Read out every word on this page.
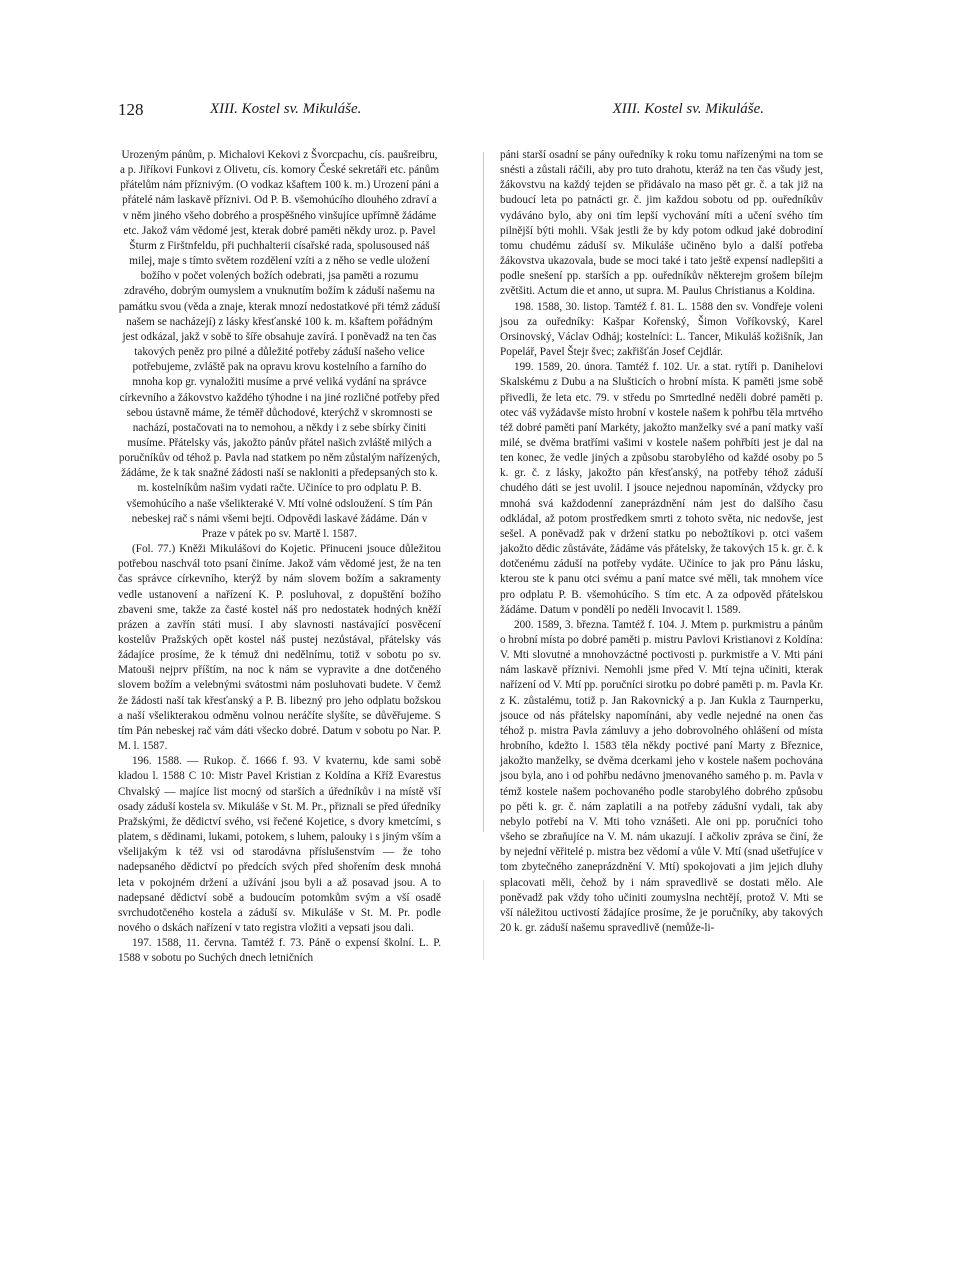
128	XIII. Kostel sv. Mikuláše.	XIII. Kostel sv. Mikuláše.

Urozeným pánům, p. Michalovi Kekovi z Švorcpachu, cís. paušreibru, a p. Jiříkovi Funkovi z Olivetu, cís. komory České sekretáři etc. pánům přátelům nám příznivým. (O vodkaz kšaftem 100 k. m.) Urození páni a přátelé nám laskavě příznivi. Od P. B. všemohúcího dlouhého zdraví a v něm jiného všeho dobrého a prospěšného vinšujíce upřímně žádáme etc. Jakož vám vědomé jest, kterak dobré paměti někdy uroz. p. Pavel Šturm z Firštnfeldu, při puchhalterii císařské rada, spolusoused náš milej, maje s tímto světem rozdělení vzíti a z něho se vedle uložení božího v počet volených božích odebrati, jsa paměti a rozumu zdravého, dobrým oumyslem a vnuknutím božím k záduší našemu na památku svou (věda a znaje, kterak mnozí nedostatkové při témž záduší našem se nacházejí) z lásky křesťanské 100 k. m. kšaftem pořádným jest odkázal, jakž v sobě to šíře obsahuje zavírá. I poněvadž na ten čas takových peněz pro pilné a důležité potřeby záduší našeho velice potřebujeme, zvláště pak na opravu krovu kostelního a farního do mnoha kop gr. vynaložiti musíme a prvé veliká vydání na správce církevního a žákovstvo každého týhodne i na jiné rozličné potřeby před sebou ústavně máme, že téměř důchodové, kterýchž v skromnosti se nachází, postačovati na to nemohou, a někdy i z sebe sbírky činiti musíme. Přátelsky vás, jakožto pánův přátel našich zvláště milých a poručníkův od téhož p. Pavla nad statkem po něm zůstalým nařízených, žádáme, že k tak snažné žádosti naší se nakloniti a předepsaných sto k. m. kostelníkům našim vydati račte. Učiníce to pro odplatu P. B. všemohúcího a naše všelikteraké V. Mtí volné odsloužení. S tím Pán nebeskej rač s námi všemi bejti. Odpovědi laskavé žádáme. Dán v Praze v pátek po sv. Martě l. 1587.

(Fol. 77.) Kněži Mikulášovi do Kojetic. Přinuceni jsouce důležitou potřebou naschvál toto psaní činíme. Jakož vám vědomé jest, že na ten čas správce církevního, kterýž by nám slovem božím a sakramenty vedle ustanovení a nařízení K. P. posluhoval, z dopuštění božího zbaveni sme, takže za časté kostel náš pro nedostatek hodných kněží prázen a zavřín státi musí. I aby slavnosti nastávající posvěcení kostelův Pražských opět kostel náš pustej nezůstával, přátelsky vás žádajíce prosíme, že k témuž dni nedělnímu, totiž v sobotu po sv. Matouši nejprv příštím, na noc k nám se vypravite a dne dotčeného slovem božím a velebnými svátostmi nám posluhovati budete. V čemž že žádosti naší tak křesťanský a P. B. libezný pro jeho odplatu božskou a naší všelikterakou odměnu volnou neráčíte slyšíte, se důvěřujeme. S tím Pán nebeskej rač vám dáti všecko dobré. Datum v sobotu po Nar. P. M. l. 1587.

196. 1588. — Rukop. č. 1666 f. 93. V kvaternu, kde sami sobě kladou l. 1588 C 10: Mistr Pavel Kristian z Koldína a Kříž Evarestus Chvalský — majíce list mocný od starších a úředníkův i na místě vší osady záduší kostela sv. Mikuláše v St. M. Pr., přiznali se před úředníky Pražskými, že dědictví svého, vsi řečené Kojetice, s dvory kmetcími, s platem, s dědinami, lukami, potokem, s luhem, palouky i s jiným vším a všelijakým k též vsi od starodávna příslušenstvím — že toho nadepsaného dědictví po předcích svých před shořením desk mnohá leta v pokojném držení a užívání jsou byli a až posavad jsou. A to nadepsané dědictví sobě a budoucím potomkům svým a vší osadě svrchudotčeného kostela a záduší sv. Mikuláše v St. M. Pr. podle nového o dskách nařízení v tato registra vložiti a vepsati jsou dali.

197. 1588, 11. června. Tamtéž f. 73. Páně o expensí školní. L. P. 1588 v sobotu po Suchých dnech letničních

páni starší osadní se pány ouředníky k roku tomu nařízenými na tom se snésti a zůstali ráčili, aby pro tuto drahotu, kteráž na ten čas všudy jest, žákovstvu na každý tejden se přidávalo na maso pět gr. č. a tak již na budoucí leta po patnácti gr. č. jim každou sobotu od pp. ouředníkův vydáváno bylo, aby oni tím lepší vychování míti a učení svého tím pilnější býti mohli. Však jestli že by kdy potom odkud jaké dobrodiní tomu chudému záduší sv. Mikuláše učiněno bylo a další potřeba žákovstva ukazovala, bude se moci také i tato ještě expensí nadlepšiti a podle snešení pp. starších a pp. ouředníkův některejm grošem bílejm zvětšiti. Actum die et anno, ut supra. M. Paulus Christianus a Koldina.

198. 1588, 30. listop. Tamtéž f. 81. L. 1588 den sv. Vondřeje voleni jsou za ouředníky: Kašpar Kořenský, Šimon Voříkovský, Karel Orsinovský, Václav Odháj; kostelníci: L. Tancer, Mikuláš kožišník, Jan Popelář, Pavel Štejr švec; zakřišťán Josef Cejdlár.

199. 1589, 20. února. Tamtéž f. 102. Ur. a stat. rytíři p. Danihelovi Skalskému z Dubu a na Slušticích o hrobní místa. K paměti jsme sobě přivedli, že leta etc. 79. v středu po Smrtedlné neděli dobré paměti p. otec váš vyžádavše místo hrobní v kostele našem k pohřbu těla mrtvého též dobré paměti paní Markéty, jakožto manželky své a paní matky vaší milé, se dvěma bratřími vašimi v kostele našem pohřbíti jest je dal na ten konec, že vedle jiných a způsobu starobylého od každé osoby po 5 k. gr. č. z lásky, jakožto pán křesťanský, na potřeby téhož záduší chudého dáti se jest uvolil. I jsouce nejednou napomínán, vždycky pro mnohá svá každodenní zaneprázdnění nám jest do dalšího času odkládal, až potom prostředkem smrti z tohoto světa, nic nedovše, jest sešel. A poněvadž pak v držení statku po nebožtíkovi p. otci vašem jakožto dědic zůstáváte, žádáme vás přátelsky, že takových 15 k. gr. č. k dotčenému záduší na potřeby vydáte. Učiníce to jak pro Pánu lásku, kterou ste k panu otci svému a paní matce své měli, tak mnohem více pro odplatu P. B. všemohúcího. S tím etc. A za odpověd přátelskou žádáme. Datum v pondělí po neděli Invocavit l. 1589.

200. 1589, 3. března. Tamtéž f. 104. J. Mtem p. purkmistru a pánům o hrobní místa po dobré paměti p. mistru Pavlovi Kristianovi z Koldína: V. Mti slovutné a mnohovzáctné poctivosti p. purkmistře a V. Mti páni nám laskavě příznivi. Nemohli jsme před V. Mtí tejna učiniti, kterak nařízení od V. Mtí pp. poručníci sirotku po dobré paměti p. m. Pavla Kr. z K. zůstalému, totiž p. Jan Rakovnický a p. Jan Kukla z Taurnperku, jsouce od nás přátelsky napomínáni, aby vedle nejedné na onen čas téhož p. mistra Pavla zámluvy a jeho dobrovolného ohlášení od místa hrobního, kdežto l. 1583 těla někdy poctivé paní Marty z Březnice, jakožto manželky, se dvěma dcerkami jeho v kostele našem pochována jsou byla, ano i od pohřbu nedávno jmenovaného samého p. m. Pavla v témž kostele našem pochovaného podle starobylého dobrého způsobu po pěti k. gr. č. nám zaplatili a na potřeby zádušní vydali, tak aby nebylo potřebí na V. Mti toho vznášeti. Ale oni pp. poručníci toho všeho se zbraňujíce na V. M. nám ukazují. I ačkoliv zpráva se činí, že by nejední věřitelé p. mistra bez vědomí a vůle V. Mtí (snad ušetřujíce v tom zbytečného zaneprázdnění V. Mtí) spokojovati a jim jejich dluhy splacovati měli, čehož by i nám spravedlivě se dostati mělo. Ale poněvadž pak vždy toho učiniti zoumyslna nechtějí, protož V. Mti se vší náležitou uctivostí žádajíce prosíme, že je poručníky, aby takových 20 k. gr. záduší našemu spravedlivě (nemůže-li-
